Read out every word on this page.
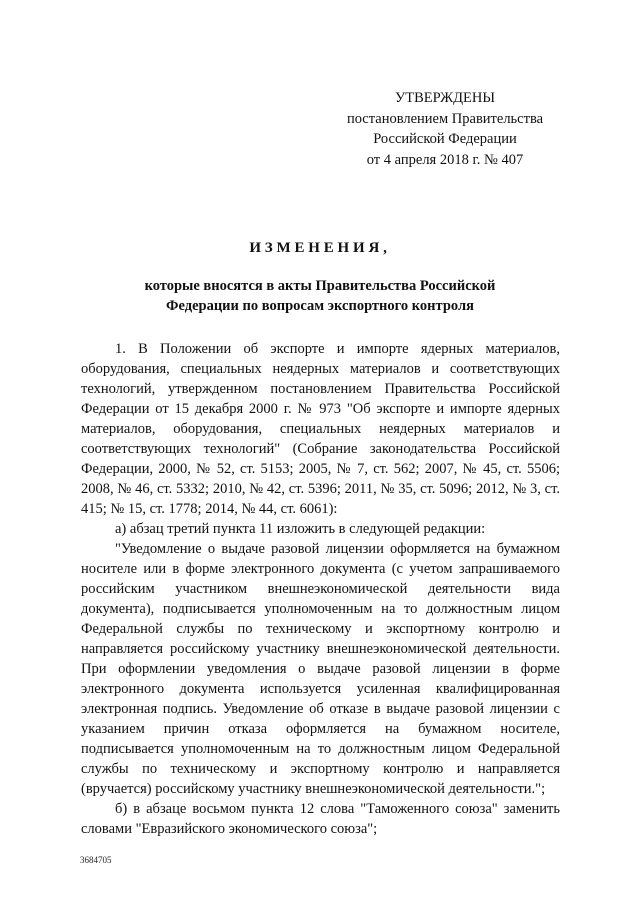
УТВЕРЖДЕНЫ
постановлением Правительства
Российской Федерации
от 4 апреля 2018 г. № 407
ИЗМЕНЕНИЯ,
которые вносятся в акты Правительства Российской
Федерации по вопросам экспортного контроля

1. В Положении об экспорте и импорте ядерных материалов, оборудования, специальных неядерных материалов и соответствующих технологий, утвержденном постановлением Правительства Российской Федерации от 15 декабря 2000 г. № 973 "Об экспорте и импорте ядерных материалов, оборудования, специальных неядерных материалов и соответствующих технологий" (Собрание законодательства Российской Федерации, 2000, № 52, ст. 5153; 2005, № 7, ст. 562; 2007, № 45, ст. 5506; 2008, № 46, ст. 5332; 2010, № 42, ст. 5396; 2011, № 35, ст. 5096; 2012, № 3, ст. 415; № 15, ст. 1778; 2014, № 44, ст. 6061):

а) абзац третий пункта 11 изложить в следующей редакции:

"Уведомление о выдаче разовой лицензии оформляется на бумажном носителе или в форме электронного документа (с учетом запрашиваемого российским участником внешнеэкономической деятельности вида документа), подписывается уполномоченным на то должностным лицом Федеральной службы по техническому и экспортному контролю и направляется российскому участнику внешнеэкономической деятельности. При оформлении уведомления о выдаче разовой лицензии в форме электронного документа используется усиленная квалифицированная электронная подпись. Уведомление об отказе в выдаче разовой лицензии с указанием причин отказа оформляется на бумажном носителе, подписывается уполномоченным на то должностным лицом Федеральной службы по техническому и экспортному контролю и направляется (вручается) российскому участнику внешнеэкономической деятельности.";

б) в абзаце восьмом пункта 12 слова "Таможенного союза" заменить словами "Евразийского экономического союза";

3684705
